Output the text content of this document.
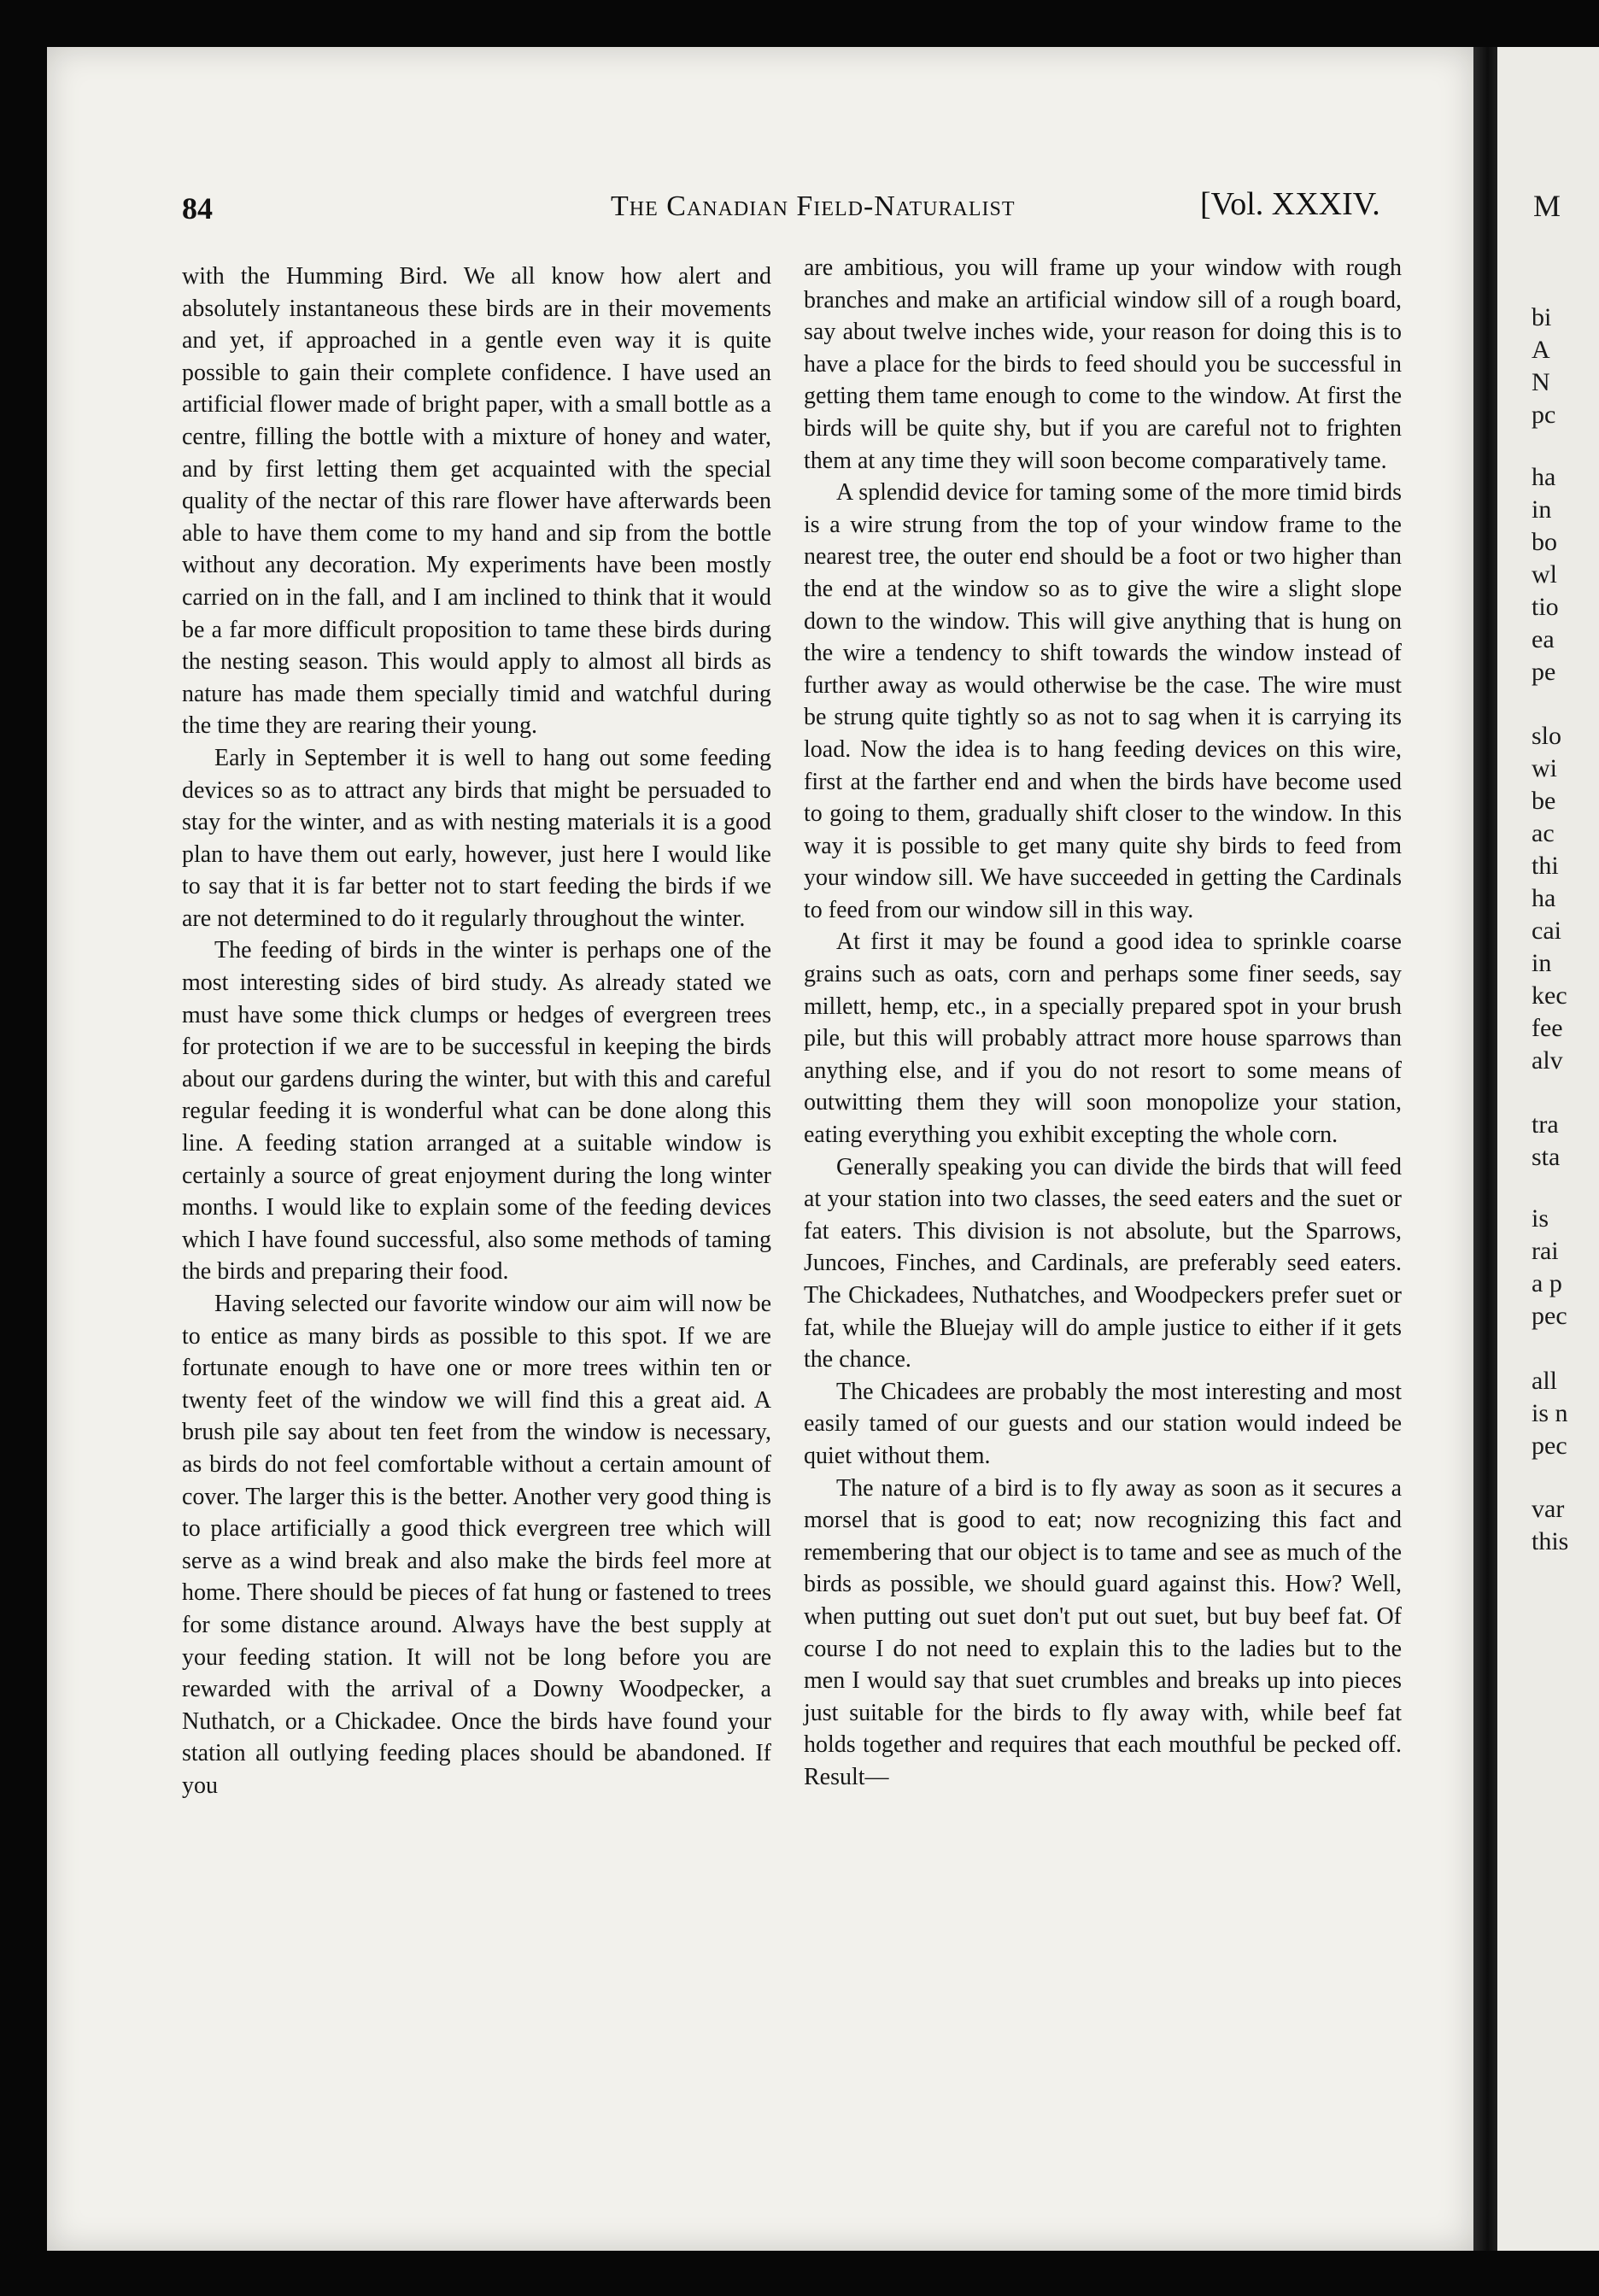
84	The Canadian Field-Naturalist	[Vol. XXXIV.

with the Humming Bird. We all know how alert and absolutely instantaneous these birds are in their movements and yet, if approached in a gentle even way it is quite possible to gain their complete confidence. I have used an artificial flower made of bright paper, with a small bottle as a centre, filling the bottle with a mixture of honey and water, and by first letting them get acquainted with the special quality of the nectar of this rare flower have afterwards been able to have them come to my hand and sip from the bottle without any decoration. My experiments have been mostly carried on in the fall, and I am inclined to think that it would be a far more difficult proposition to tame these birds during the nesting season. This would apply to almost all birds as nature has made them specially timid and watchful during the time they are rearing their young.

Early in September it is well to hang out some feeding devices so as to attract any birds that might be persuaded to stay for the winter, and as with nesting materials it is a good plan to have them out early, however, just here I would like to say that it is far better not to start feeding the birds if we are not determined to do it regularly throughout the winter.

The feeding of birds in the winter is perhaps one of the most interesting sides of bird study. As already stated we must have some thick clumps or hedges of evergreen trees for protection if we are to be successful in keeping the birds about our gardens during the winter, but with this and careful regular feeding it is wonderful what can be done along this line. A feeding station arranged at a suitable window is certainly a source of great enjoyment during the long winter months. I would like to explain some of the feeding devices which I have found successful, also some methods of taming the birds and preparing their food.

Having selected our favorite window our aim will now be to entice as many birds as possible to this spot. If we are fortunate enough to have one or more trees within ten or twenty feet of the window we will find this a great aid. A brush pile say about ten feet from the window is necessary, as birds do not feel comfortable without a certain amount of cover. The larger this is the better. Another very good thing is to place artificially a good thick evergreen tree which will serve as a wind break and also make the birds feel more at home. There should be pieces of fat hung or fastened to trees for some distance around. Always have the best supply at your feeding station. It will not be long before you are rewarded with the arrival of a Downy Woodpecker, a Nuthatch, or a Chickadee. Once the birds have found your station all outlying feeding places should be abandoned. If you

are ambitious, you will frame up your window with rough branches and make an artificial window sill of a rough board, say about twelve inches wide, your reason for doing this is to have a place for the birds to feed should you be successful in getting them tame enough to come to the window. At first the birds will be quite shy, but if you are careful not to frighten them at any time they will soon become comparatively tame.

A splendid device for taming some of the more timid birds is a wire strung from the top of your window frame to the nearest tree, the outer end should be a foot or two higher than the end at the window so as to give the wire a slight slope down to the window. This will give anything that is hung on the wire a tendency to shift towards the window instead of further away as would otherwise be the case. The wire must be strung quite tightly so as not to sag when it is carrying its load. Now the idea is to hang feeding devices on this wire, first at the farther end and when the birds have become used to going to them, gradually shift closer to the window. In this way it is possible to get many quite shy birds to feed from your window sill. We have succeeded in getting the Cardinals to feed from our window sill in this way.

At first it may be found a good idea to sprinkle coarse grains such as oats, corn and perhaps some finer seeds, say millett, hemp, etc., in a specially prepared spot in your brush pile, but this will probably attract more house sparrows than anything else, and if you do not resort to some means of outwitting them they will soon monopolize your station, eating everything you exhibit excepting the whole corn.

Generally speaking you can divide the birds that will feed at your station into two classes, the seed eaters and the suet or fat eaters. This division is not absolute, but the Sparrows, Juncoes, Finches, and Cardinals, are preferably seed eaters. The Chickadees, Nuthatches, and Woodpeckers prefer suet or fat, while the Bluejay will do ample justice to either if it gets the chance.

The Chicadees are probably the most interesting and most easily tamed of our guests and our station would indeed be quiet without them.

The nature of a bird is to fly away as soon as it secures a morsel that is good to eat; now recognizing this fact and remembering that our object is to tame and see as much of the birds as possible, we should guard against this. How? Well, when putting out suet don't put out suet, but buy beef fat. Of course I do not need to explain this to the ladies but to the men I would say that suet crumbles and breaks up into pieces just suitable for the birds to fly away with, while beef fat holds together and requires that each mouthful be pecked off. Result—

M
bi
A
N
pc
ha
in
bo
wl
tio
ea
pe
slo
wi
be
ac
thi
ha
cai
in
kec
fee
alv
tra
sta
is
rai
a p
pec
all
is n
pec
var
this
